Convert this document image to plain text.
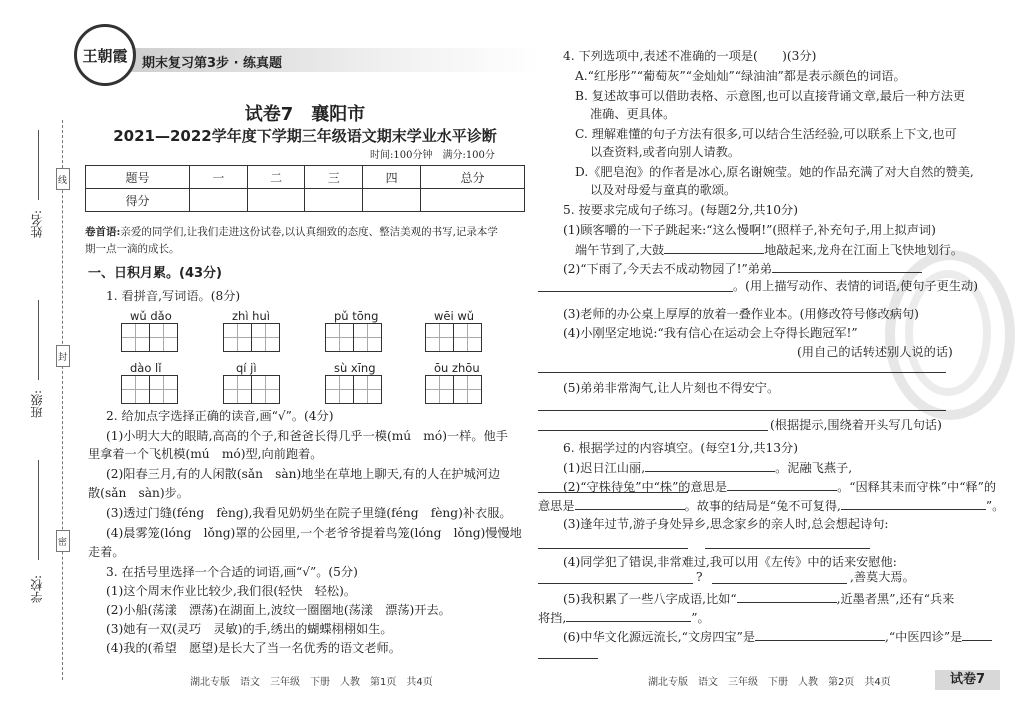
线
封
密
姓名:
班级:
学校:
期末复习第3步 · 练真题
王朝霞
试卷7　襄阳市
2021—2022学年度下学期三年级语文期末学业水平诊断
时间:100分钟　满分:100分
题号	一	二	三	四	总分
得分					
卷首语:亲爱的同学们,让我们走进这份试卷,以认真细致的态度、整洁美观的书写,记录本学
期一点一滴的成长。
一、日积月累。(43分)
1. 看拼音,写词语。(8分)
wǔ dǎo	zhì huì	pǔ tōng	wēi wǔ
dào lǐ	qí jì	sù xīng	ōu zhōu
2. 给加点字选择正确的读音,画“√”。(4分)
(1)小明大大的眼睛,高高的个子,和爸爸长得几乎一模(mú　mó)一样。他手
里拿着一个飞机模(mú　mó)型,向前跑着。
(2)阳春三月,有的人闲散(sǎn　sàn)地坐在草地上聊天,有的人在护城河边
散(sǎn　sàn)步。
(3)透过门缝(féng　fèng),我看见奶奶坐在院子里缝(féng　fèng)补衣服。
(4)晨雾笼(lóng　lǒng)罩的公园里,一个老爷爷提着鸟笼(lóng　lǒng)慢慢地
走着。
3. 在括号里选择一个合适的词语,画“√”。(5分)
(1)这个周末作业比较少,我们很(轻快　轻松)。
(2)小船(荡漾　漂荡)在湖面上,波纹一圈圈地(荡漾　漂荡)开去。
(3)她有一双(灵巧　灵敏)的手,绣出的蝴蝶栩栩如生。
(4)我的(希望　愿望)是长大了当一名优秀的语文老师。
湖北专版　语文　三年级　下册　人教　第1页　共4页
4. 下列选项中,表述不准确的一项是(　　)(3分)
A.“红彤彤”“葡萄灰”“金灿灿”“绿油油”都是表示颜色的词语。
B. 复述故事可以借助表格、示意图,也可以直接背诵文章,最后一种方法更
准确、更具体。
C. 理解难懂的句子方法有很多,可以结合生活经验,可以联系上下文,也可
以查资料,或者向别人请教。
D.《肥皂泡》的作者是冰心,原名谢婉莹。她的作品充满了对大自然的赞美,
以及对母爱与童真的歌颂。
5. 按要求完成句子练习。(每题2分,共10分)
(1)顾客嚼的一下子跳起来:“这么慢啊!”(照样子,补充句子,用上拟声词)
端午节到了,大鼓	地敲起来,龙舟在江面上飞快地划行。
(2)“下雨了,今天去不成动物园了!”弟弟
。(用上描写动作、表情的词语,使句子更生动)
(3)老师的办公桌上厚厚的放着一叠作业本。(用修改符号修改病句)
(4)小刚坚定地说:“我有信心在运动会上夺得长跑冠军!”
(用自己的话转述别人说的话)
(5)弟弟非常淘气,让人片刻也不得安宁。
(根据提示,围绕着开头写几句话)
6. 根据学过的内容填空。(每空1分,共13分)
(1)迟日江山丽,	。泥融飞燕子,
(2)“守株待兔”中“株”的意思是	。“因释其耒而守株”中“释”的
意思是	。故事的结局是“兔不可复得,	”。
(3)逢年过节,游子身处异乡,思念家乡的亲人时,总会想起诗句:
(4)同学犯了错误,非常难过,我可以用《左传》中的话来安慰他:
?	,善莫大焉。
(5)我积累了一些八字成语,比如“	,近墨者黑”,还有“兵来
将挡,	”。
(6)中华文化源远流长,“文房四宝”是	,“中医四诊”是
湖北专版　语文　三年级　下册　人教　第2页　共4页	试卷7
